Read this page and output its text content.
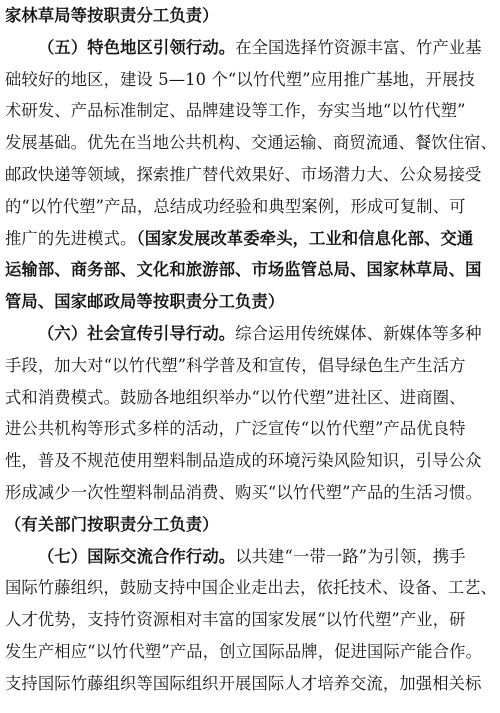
家林草局等按职责分工负责）
（五）特色地区引领行动。在全国选择竹资源丰富、竹产业基
础较好的地区，建设 5—10 个“以竹代塑”应用推广基地，开展技
术研发、产品标准制定、品牌建设等工作，夯实当地“以竹代塑”
发展基础。优先在当地公共机构、交通运输、商贸流通、餐饮住宿、
邮政快递等领域，探索推广替代效果好、市场潜力大、公众易接受
的“以竹代塑”产品，总结成功经验和典型案例，形成可复制、可
推广的先进模式。（国家发展改革委牵头，工业和信息化部、交通
运输部、商务部、文化和旅游部、市场监管总局、国家林草局、国
管局、国家邮政局等按职责分工负责）
（六）社会宣传引导行动。综合运用传统媒体、新媒体等多种
手段，加大对“以竹代塑”科学普及和宣传，倡导绿色生产生活方
式和消费模式。鼓励各地组织举办“以竹代塑”进社区、进商圈、
进公共机构等形式多样的活动，广泛宣传“以竹代塑”产品优良特
性，普及不规范使用塑料制品造成的环境污染风险知识，引导公众
形成减少一次性塑料制品消费、购买“以竹代塑”产品的生活习惯。
（有关部门按职责分工负责）
（七）国际交流合作行动。以共建“一带一路”为引领，携手
国际竹藤组织，鼓励支持中国企业走出去，依托技术、设备、工艺、
人才优势，支持竹资源相对丰富的国家发展“以竹代塑”产业，研
发生产相应“以竹代塑”产品，创立国际品牌，促进国际产能合作。
支持国际竹藤组织等国际组织开展国际人才培养交流，加强相关标
